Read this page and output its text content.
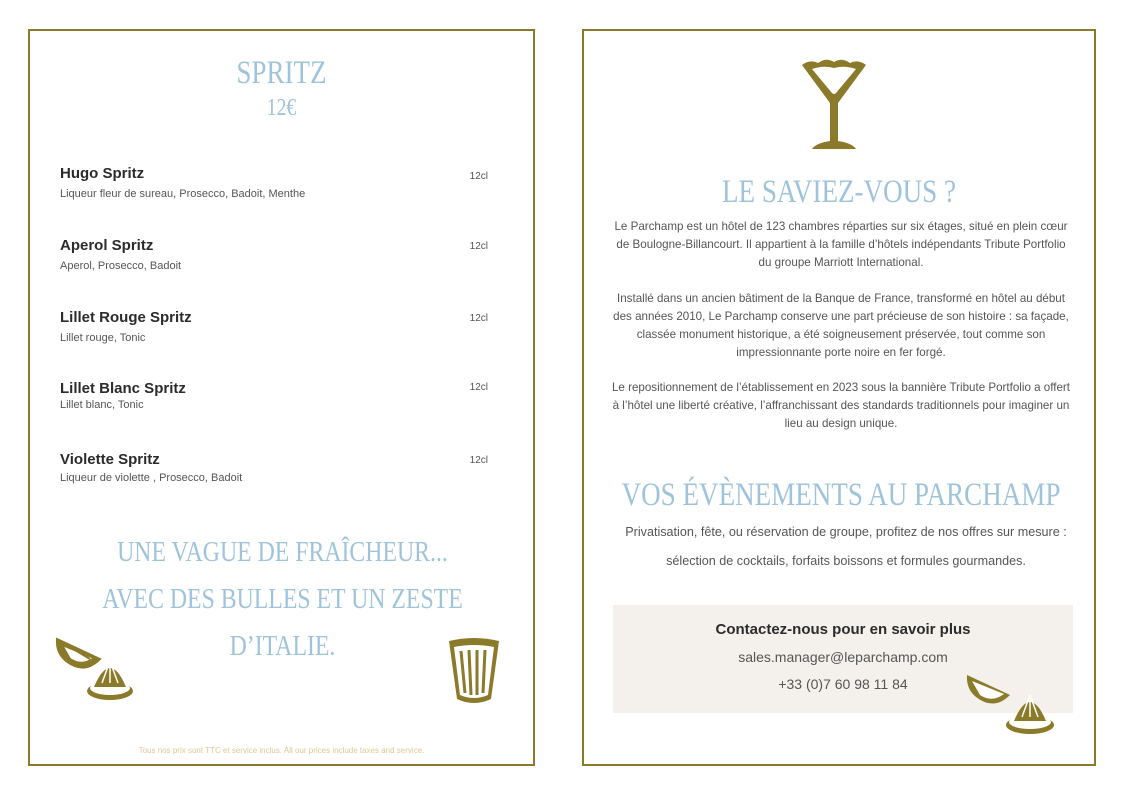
SPRITZ
12€
Hugo Spritz
Liqueur fleur de sureau, Prosecco, Badoit, Menthe
12cl
Aperol Spritz
Aperol, Prosecco, Badoit
12cl
Lillet Rouge Spritz
Lillet rouge, Tonic
12cl
Lillet Blanc Spritz
Lillet blanc, Tonic
12cl
Violette Spritz
Liqueur de violette , Prosecco, Badoit
12cl
UNE VAGUE DE FRAÎCHEUR... AVEC DES BULLES ET UN ZESTE D’ITALIE.
Tous nos prix sont TTC et service inclus. All our prices include taxes and service.
LE SAVIEZ-VOUS ?
Le Parchamp est un hôtel de 123 chambres réparties sur six étages, situé en plein cœur de Boulogne-Billancourt. Il appartient à la famille d’hôtels indépendants Tribute Portfolio du groupe Marriott International.
Installé dans un ancien bâtiment de la Banque de France, transformé en hôtel au début des années 2010, Le Parchamp conserve une part précieuse de son histoire : sa façade, classée monument historique, a été soigneusement préservée, tout comme son impressionnante porte noire en fer forgé.
Le repositionnement de l’établissement en 2023 sous la bannière Tribute Portfolio a offert à l’hôtel une liberté créative, l’affranchissant des standards traditionnels pour imaginer un lieu au design unique.
VOS ÉVÈNEMENTS AU PARCHAMP
Privatisation, fête, ou réservation de groupe, profitez de nos offres sur mesure : sélection de cocktails, forfaits boissons et formules gourmandes.
Contactez-nous pour en savoir plus
sales.manager@leparchamp.com
+33 (0)7 60 98 11 84
